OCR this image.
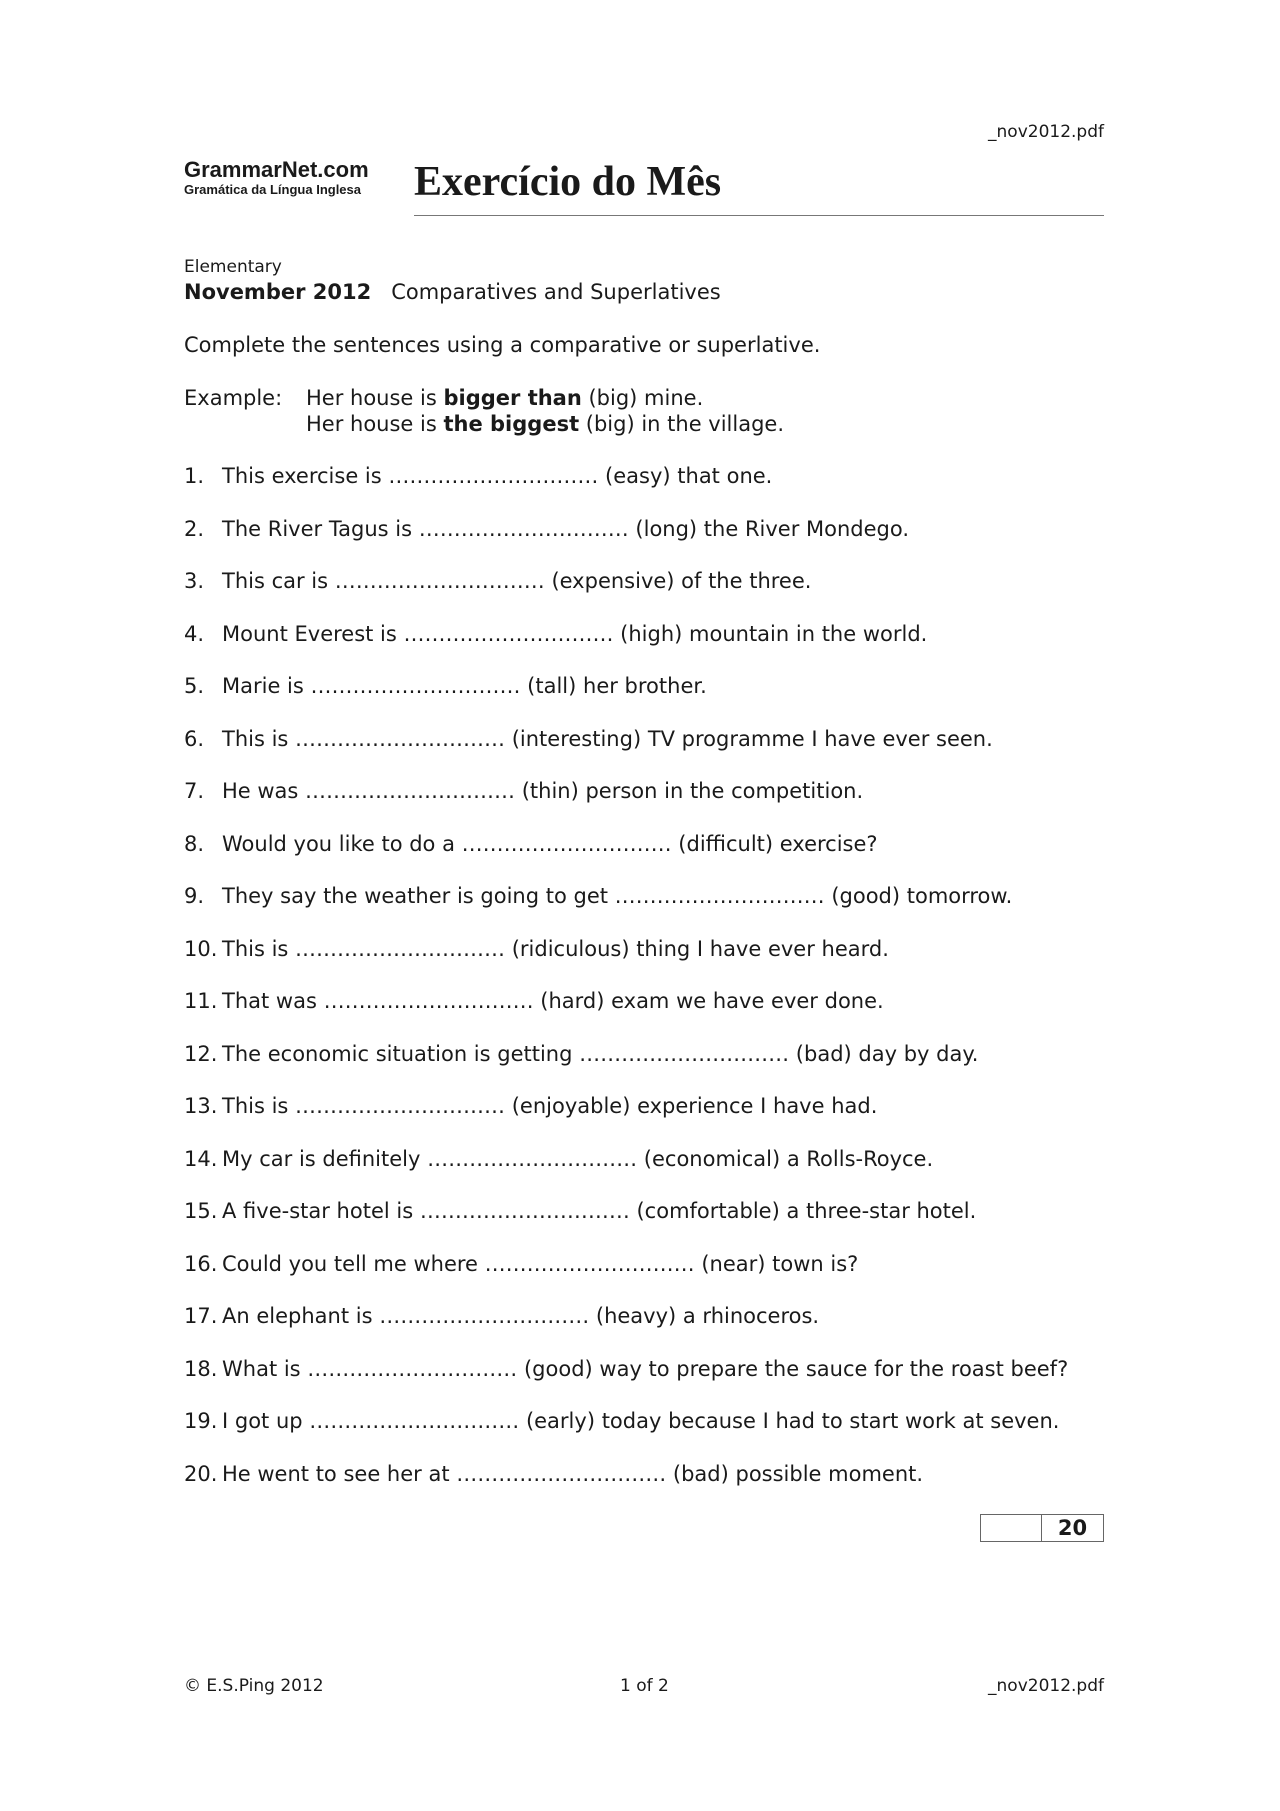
_nov2012.pdf
GrammarNet.com
Gramática da Língua Inglesa Exercício do Mês
Elementary
November 2012 Comparatives and Superlatives
Complete the sentences using a comparative or superlative.
Example: Her house is bigger than (big) mine.
Her house is the biggest (big) in the village.
1. This exercise is ………………………… (easy) that one.
2. The River Tagus is ………………………… (long) the River Mondego.
3. This car is ………………………… (expensive) of the three.
4. Mount Everest is ………………………… (high) mountain in the world.
5. Marie is ………………………… (tall) her brother.
6. This is ………………………… (interesting) TV programme I have ever seen.
7. He was ………………………… (thin) person in the competition.
8. Would you like to do a ………………………… (difficult) exercise?
9. They say the weather is going to get ………………………… (good) tomorrow.
10. This is ………………………… (ridiculous) thing I have ever heard.
11. That was ………………………… (hard) exam we have ever done.
12. The economic situation is getting ………………………… (bad) day by day.
13. This is ………………………… (enjoyable) experience I have had.
14. My car is definitely ………………………… (economical) a Rolls-Royce.
15. A five-star hotel is ………………………… (comfortable) a three-star hotel.
16. Could you tell me where ………………………… (near) town is?
17. An elephant is ………………………… (heavy) a rhinoceros.
18. What is ………………………… (good) way to prepare the sauce for the roast beef?
19. I got up ………………………… (early) today because I had to start work at seven.
20. He went to see her at ………………………… (bad) possible moment.
20
© E.S.Ping 2012	1 of 2	_nov2012.pdf
